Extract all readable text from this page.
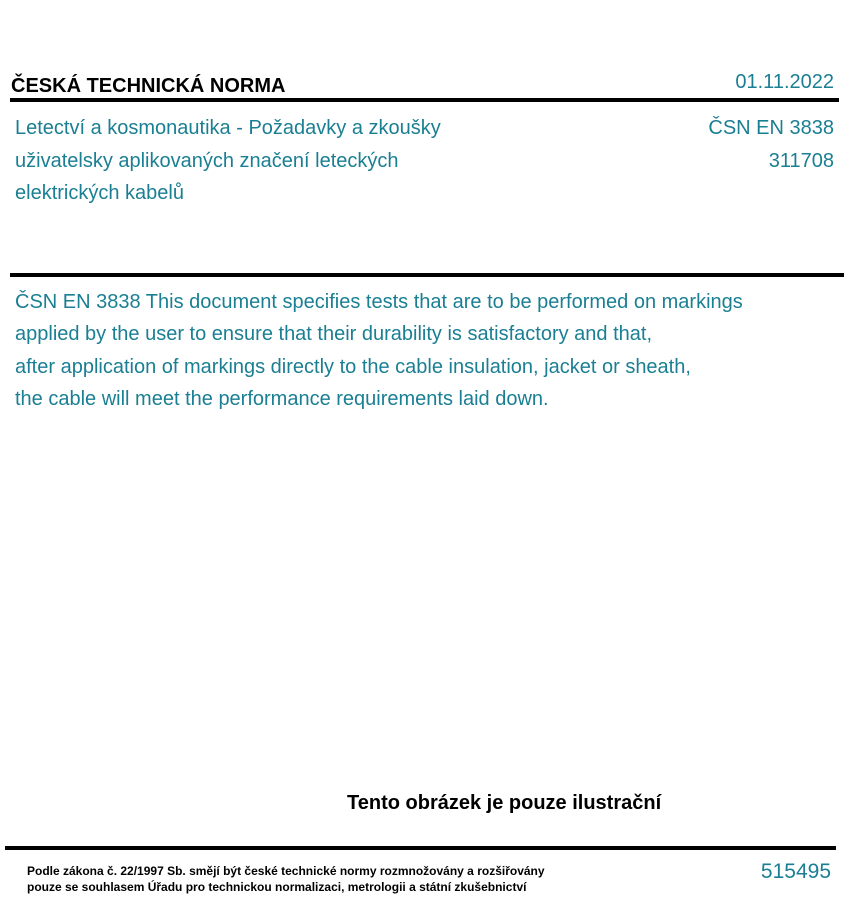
ČESKÁ TECHNICKÁ NORMA	01.11.2022
Letectví a kosmonautika - Požadavky a zkoušky
uživatelsky aplikovaných značení leteckých
elektrických kabelů
ČSN EN 3838
311708
ČSN EN 3838 This document specifies tests that are to be performed on markings
applied by the user to ensure that their durability is satisfactory and that,
after application of markings directly to the cable insulation, jacket or sheath,
the cable will meet the performance requirements laid down.
Tento obrázek je pouze ilustrační
Podle zákona č. 22/1997 Sb. smějí být české technické normy rozmnožovány a rozšiřovány
pouze se souhlasem Úřadu pro technickou normalizaci, metrologii a státní zkušebnictví
515495
